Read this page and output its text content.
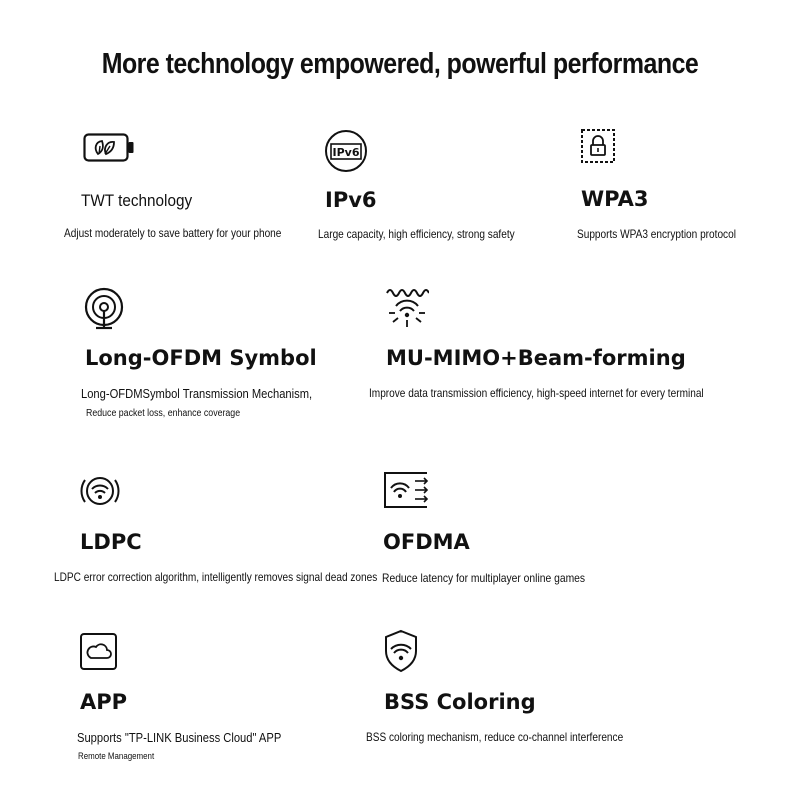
More technology empowered, powerful performance
TWT technology
Adjust moderately to save battery for your phone
IPv6
IPv6
Large capacity, high efficiency, strong safety
WPA3
Supports WPA3 encryption protocol
Long-OFDM Symbol
Long-OFDMSymbol Transmission Mechanism,
Reduce packet loss, enhance coverage
MU-MIMO+Beam-forming
Improve data transmission efficiency, high-speed internet for every terminal
LDPC
LDPC error correction algorithm, intelligently removes signal dead zones
OFDMA
Reduce latency for multiplayer online games
APP
Supports "TP-LINK Business Cloud" APP
Remote Management
BSS Coloring
BSS coloring mechanism, reduce co-channel interference
